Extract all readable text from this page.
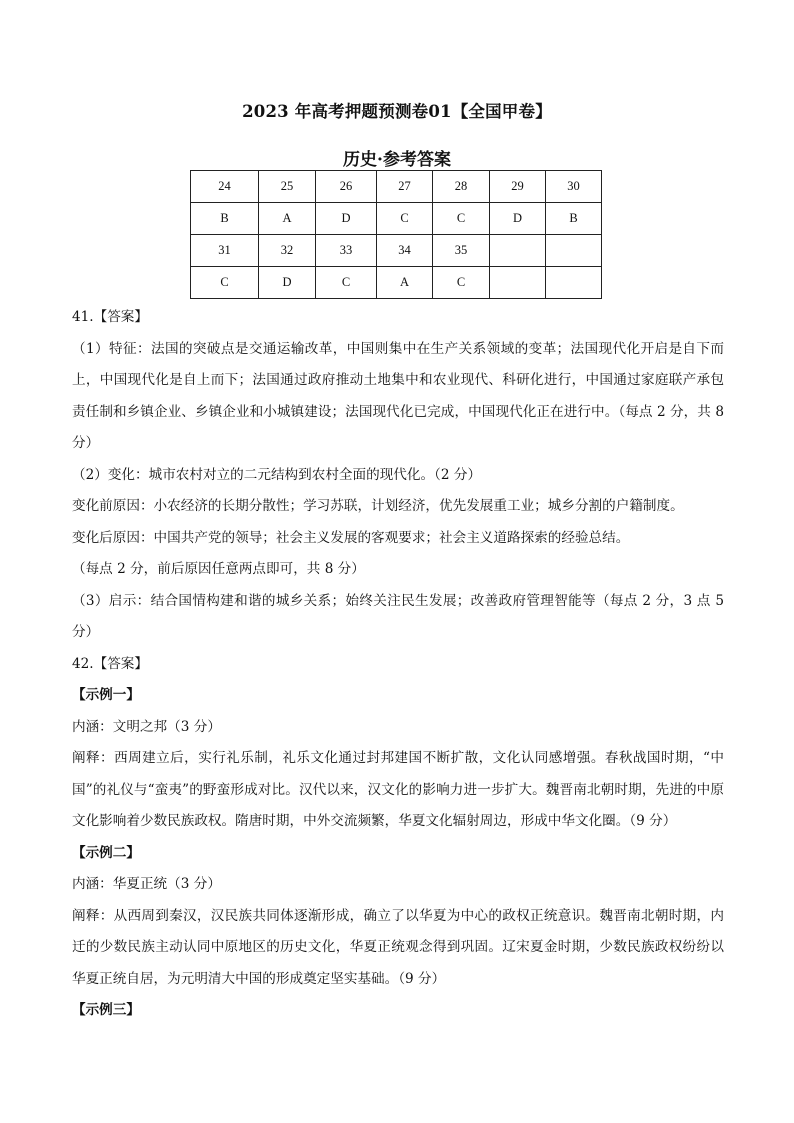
2023 年高考押题预测卷01【全国甲卷】
历史·参考答案
24	25	26	27	28	29	30
B	A	D	C	C	D	B
31	32	33	34	35		
C	D	C	A	C		

41.【答案】

（1）特征：法国的突破点是交通运输改革，中国则集中在生产关系领域的变革；法国现代化开启是自下而上，中国现代化是自上而下；法国通过政府推动土地集中和农业现代、科研化进行，中国通过家庭联产承包责任制和乡镇企业、乡镇企业和小城镇建设；法国现代化已完成，中国现代化正在进行中。（每点 2 分，共 8 分）

（2）变化：城市农村对立的二元结构到农村全面的现代化。（2 分）

变化前原因：小农经济的长期分散性；学习苏联，计划经济，优先发展重工业；城乡分割的户籍制度。

变化后原因：中国共产党的领导；社会主义发展的客观要求；社会主义道路探索的经验总结。

（每点 2 分，前后原因任意两点即可，共 8 分）

（3）启示：结合国情构建和谐的城乡关系；始终关注民生发展；改善政府管理智能等（每点 2 分，3 点 5 分）

42.【答案】

【示例一】

内涵：文明之邦（3 分）

阐释：西周建立后，实行礼乐制，礼乐文化通过封邦建国不断扩散，文化认同感增强。春秋战国时期，“中国”的礼仪与“蛮夷”的野蛮形成对比。汉代以来，汉文化的影响力进一步扩大。魏晋南北朝时期，先进的中原文化影响着少数民族政权。隋唐时期，中外交流频繁，华夏文化辐射周边，形成中华文化圈。（9 分）

【示例二】

内涵：华夏正统（3 分）

阐释：从西周到秦汉，汉民族共同体逐渐形成，确立了以华夏为中心的政权正统意识。魏晋南北朝时期，内迁的少数民族主动认同中原地区的历史文化，华夏正统观念得到巩固。辽宋夏金时期，少数民族政权纷纷以华夏正统自居，为元明清大中国的形成奠定坚实基础。（9 分）

【示例三】
